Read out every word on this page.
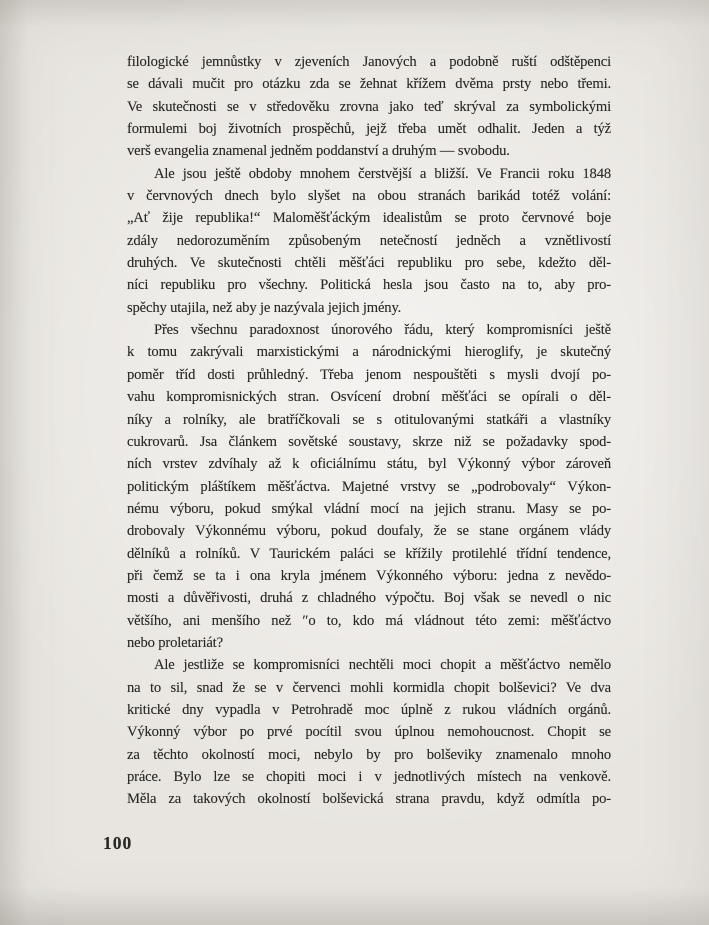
filologické jemnůstky v zjeveních Janových a podobně ruští odštěpenci
se dávali mučit pro otázku zda se žehnat křížem dvěma prsty nebo třemi.
Ve skutečnosti se v středověku zrovna jako teď skrýval za symbolickými
formulemi boj životních prospěchů, jejž třeba umět odhalit. Jeden a týž
verš evangelia znamenal jedněm poddanství a druhým — svobodu.
Ale jsou ještě obdoby mnohem čerstvější a bližší. Ve Francii roku 1848
v červnových dnech bylo slyšet na obou stranách barikád totéž volání:
„Ať žije republika!“ Maloměšťáckým idealistům se proto červnové boje
zdály nedorozuměním způsobeným netečností jedněch a vznětlivostí
druhých. Ve skutečnosti chtěli měšťáci republiku pro sebe, kdežto děl-
níci republiku pro všechny. Politická hesla jsou často na to, aby pro-
spěchy utajila, než aby je nazývala jejich jmény.
Přes všechnu paradoxnost únorového řádu, který kompromisníci ještě
k tomu zakrývali marxistickými a národnickými hieroglify, je skutečný
poměr tříd dosti průhledný. Třeba jenom nespouštěti s mysli dvojí po-
vahu kompromisnických stran. Osvícení drobní měšťáci se opírali o děl-
níky a rolníky, ale bratříčkovali se s otitulovanými statkáři a vlastníky
cukrovarů. Jsa článkem sovětské soustavy, skrze niž se požadavky spod-
ních vrstev zdvíhaly až k oficiálnímu státu, byl Výkonný výbor zároveň
politickým pláštíkem měšťáctva. Majetné vrstvy se „podrobovaly“ Výkon-
nému výboru, pokud smýkal vládní mocí na jejich stranu. Masy se po-
drobovaly Výkonnému výboru, pokud doufaly, že se stane orgánem vlády
dělníků a rolníků. V Taurickém paláci se křížily protilehlé třídní tendence,
při čemž se ta i ona kryla jménem Výkonného výboru: jedna z nevědo-
mosti a důvěřivosti, druhá z chladného výpočtu. Boj však se nevedl o nic
většího, ani menšího než ″o to, kdo má vládnout této zemi: měšťáctvo
nebo proletariát?
Ale jestliže se kompromisníci nechtěli moci chopit a měšťáctvo nemělo
na to sil, snad že se v červenci mohli kormidla chopit bolševici? Ve dva
kritické dny vypadla v Petrohradě moc úplně z rukou vládních orgánů.
Výkonný výbor po prvé pocítil svou úplnou nemohoucnost. Chopit se
za těchto okolností moci, nebylo by pro bolševiky znamenalo mnoho
práce. Bylo lze se chopiti moci i v jednotlivých místech na venkově.
Měla za takových okolností bolševická strana pravdu, když odmítla po-
100
